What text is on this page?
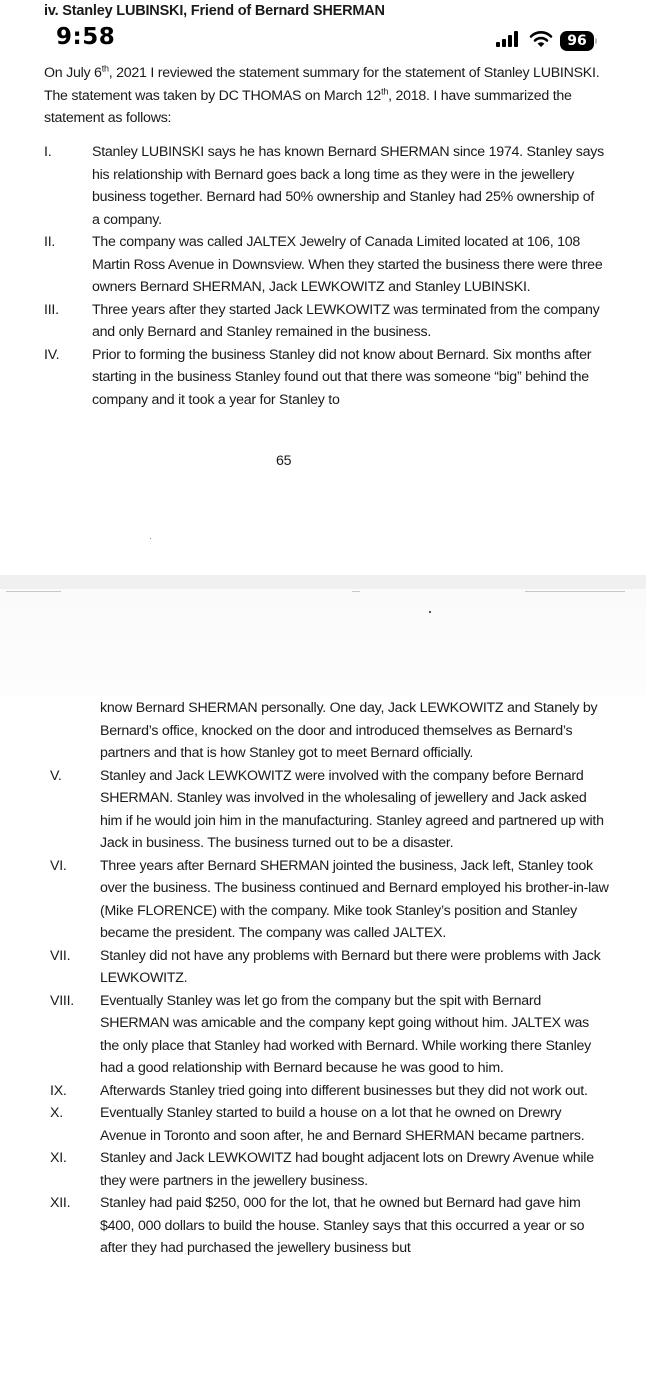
iv. Stanley LUBINSKI, Friend of Bernard SHERMAN
On July 6th, 2021 I reviewed the statement summary for the statement of Stanley LUBINSKI. The statement was taken by DC THOMAS on March 12th, 2018. I have summarized the statement as follows:
I.	Stanley LUBINSKI says he has known Bernard SHERMAN since 1974. Stanley says his relationship with Bernard goes back a long time as they were in the jewellery business together. Bernard had 50% ownership and Stanley had 25% ownership of a company.
II.	The company was called JALTEX Jewelry of Canada Limited located at 106, 108 Martin Ross Avenue in Downsview. When they started the business there were three owners Bernard SHERMAN, Jack LEWKOWITZ and Stanley LUBINSKI.
III. Three years after they started Jack LEWKOWITZ was terminated from the company and only Bernard and Stanley remained in the business.
IV. Prior to forming the business Stanley did not know about Bernard. Six months after starting in the business Stanley found out that there was someone “big” behind the company and it took a year for Stanley to
65
9:58	96
know Bernard SHERMAN personally. One day, Jack LEWKOWITZ and Stanely by Bernard’s office, knocked on the door and introduced themselves as Bernard’s partners and that is how Stanley got to meet Bernard officially.
V.	Stanley and Jack LEWKOWITZ were involved with the company before Bernard SHERMAN. Stanley was involved in the wholesaling of jewellery and Jack asked him if he would join him in the manufacturing. Stanley agreed and partnered up with Jack in business. The business turned out to be a disaster.
VI. Three years after Bernard SHERMAN jointed the business, Jack left, Stanley took over the business. The business continued and Bernard employed his brother-in-law (Mike FLORENCE) with the company. Mike took Stanley’s position and Stanley became the president. The company was called JALTEX.
VII. Stanley did not have any problems with Bernard but there were problems with Jack LEWKOWITZ.
VIII. Eventually Stanley was let go from the company but the spit with Bernard SHERMAN was amicable and the company kept going without him. JALTEX was the only place that Stanley had worked with Bernard. While working there Stanley had a good relationship with Bernard because he was good to him.
IX. Afterwards Stanley tried going into different businesses but they did not work out.
X.	Eventually Stanley started to build a house on a lot that he owned on Drewry Avenue in Toronto and soon after, he and Bernard SHERMAN became partners.
XI. Stanley and Jack LEWKOWITZ had bought adjacent lots on Drewry Avenue while they were partners in the jewellery business.
XII. Stanley had paid $250, 000 for the lot, that he owned but Bernard had gave him $400, 000 dollars to build the house. Stanley says that this occurred a year or so after they had purchased the jewellery business but
